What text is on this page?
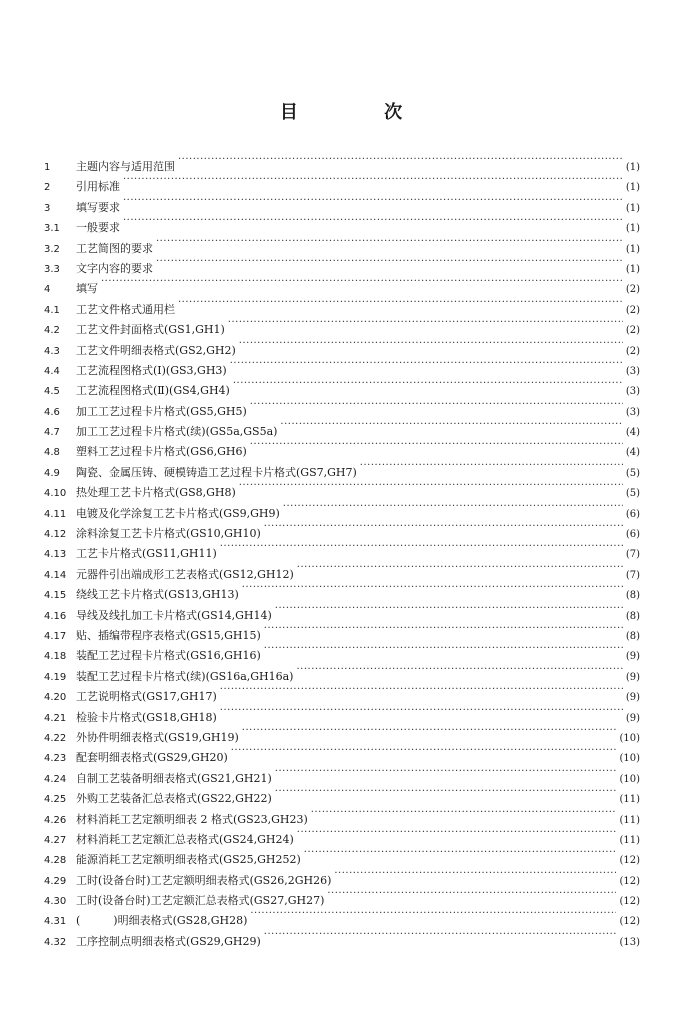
目 次
1	主题内容与适用范围 ·····	(1)
2	引用标准 ·····	(1)
3	填写要求 ·····	(1)
3.1	一般要求 ·····	(1)
3.2	工艺简图的要求 ·····	(1)
3.3	文字内容的要求 ·····	(1)
4	填写 ·····	(2)
4.1	工艺文件格式通用栏 ·····	(2)
4.2	工艺文件封面格式(GS1,GH1) ·····	(2)
4.3	工艺文件明细表格式(GS2,GH2) ·····	(2)
4.4	工艺流程图格式(Ⅰ)(GS3,GH3) ·····	(3)
4.5	工艺流程图格式(Ⅱ)(GS4,GH4) ·····	(3)
4.6	加工工艺过程卡片格式(GS5,GH5) ·····	(3)
4.7	加工工艺过程卡片格式(续)(GS5a,GS5a) ·····	(4)
4.8	塑料工艺过程卡片格式(GS6,GH6) ·····	(4)
4.9	陶瓷、金属压铸、硬模铸造工艺过程卡片格式(GS7,GH7) ·····	(5)
4.10 热处理工艺卡片格式(GS8,GH8) ·····	(5)
4.11 电镀及化学涂复工艺卡片格式(GS9,GH9) ·····	(6)
4.12 涂料涂复工艺卡片格式(GS10,GH10) ·····	(6)
4.13 工艺卡片格式(GS11,GH11) ·····	(7)
4.14 元器件引出端成形工艺表格式(GS12,GH12) ·····	(7)
4.15 绕线工艺卡片格式(GS13,GH13) ·····	(8)
4.16 导线及线扎加工卡片格式(GS14,GH14) ·····	(8)
4.17 贴、插编带程序表格式(GS15,GH15) ·····	(8)
4.18 装配工艺过程卡片格式(GS16,GH16) ·····	(9)
4.19 装配工艺过程卡片格式(续)(GS16a,GH16a) ·····	(9)
4.20 工艺说明格式(GS17,GH17) ·····	(9)
4.21 检验卡片格式(GS18,GH18) ·····	(9)
4.22 外协件明细表格式(GS19,GH19) ·····	(10)
4.23 配套明细表格式(GS29,GH20) ·····	(10)
4.24 自制工艺装备明细表格式(GS21,GH21) ·····	(10)
4.25 外购工艺装备汇总表格式(GS22,GH22) ·····	(11)
4.26 材料消耗工艺定额明细表 2 格式(GS23,GH23) ·····	(11)
4.27 材料消耗工艺定额汇总表格式(GS24,GH24) ·····	(11)
4.28 能源消耗工艺定额明细表格式(GS25,GH252) ·····	(12)
4.29 工时(设备台时)工艺定额明细表格式(GS26,2GH26) ·····	(12)
4.30 工时(设备台时)工艺定额汇总表格式(GS27,GH27) ·····	(12)
4.31 (　　　)明细表格式(GS28,GH28) ·····	(12)
4.32 工序控制点明细表格式(GS29,GH29) ·····	(13)
